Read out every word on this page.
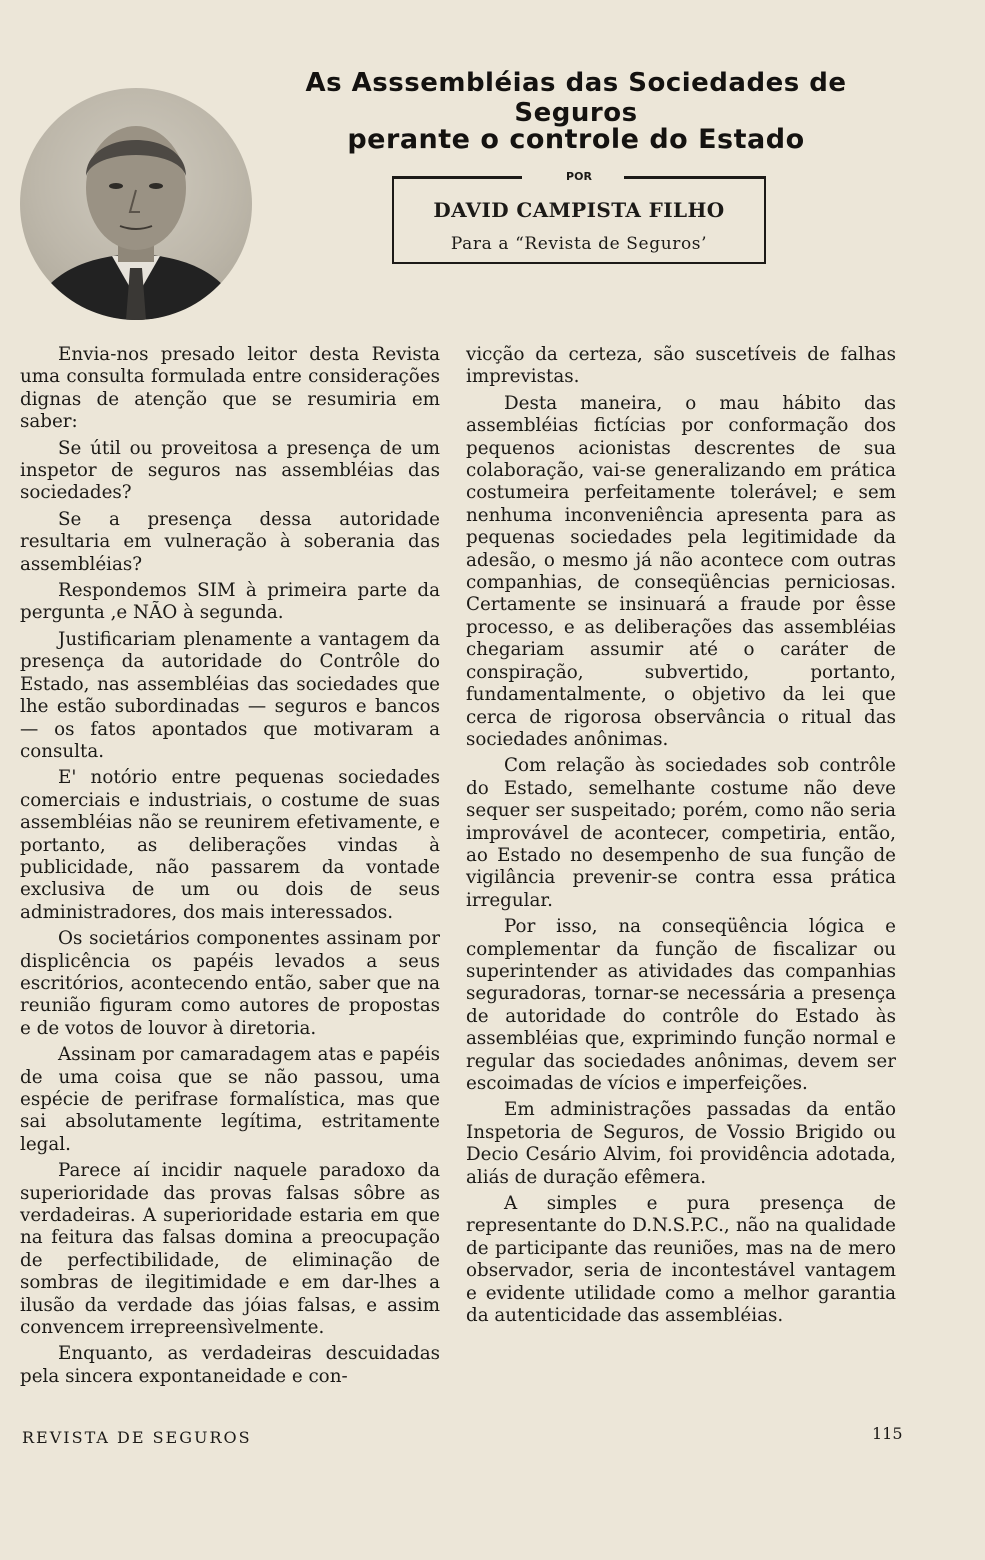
As Asssembléias das Sociedades de Seguros
perante o controle do Estado
POR
DAVID CAMPISTA FILHO
Para a “Revista de Seguros’

Envia-nos presado leitor desta Revista uma consulta formulada entre considerações dignas de atenção que se resumiria em saber:

Se útil ou proveitosa a presença de um inspetor de seguros nas assembléias das sociedades?

Se a presença dessa autoridade resultaria em vulneração à soberania das assembléias?

Respondemos SIM à primeira parte da pergunta ,e NÃO à segunda.

Justificariam plenamente a vantagem da presença da autoridade do Contrôle do Estado, nas assembléias das sociedades que lhe estão subordinadas — seguros e bancos — os fatos apontados que motivaram a consulta.

E' notório entre pequenas sociedades comerciais e industriais, o costume de suas assembléias não se reunirem efetivamente, e portanto, as deliberações vindas à publicidade, não passarem da vontade exclusiva de um ou dois de seus administradores, dos mais interessados.

Os societários componentes assinam por displicência os papéis levados a seus escritórios, acontecendo então, saber que na reunião figuram como autores de propostas e de votos de louvor à diretoria.

Assinam por camaradagem atas e papéis de uma coisa que se não passou, uma espécie de perifrase formalística, mas que sai absolutamente legítima, estritamente legal.

Parece aí incidir naquele paradoxo da superioridade das provas falsas sôbre as verdadeiras. A superioridade estaria em que na feitura das falsas domina a preocupação de perfectibilidade, de eliminação de sombras de ilegitimidade e em dar-lhes a ilusão da verdade das jóias falsas, e assim convencem irrepreensìvelmente.

Enquanto, as verdadeiras descuidadas pela sincera expontaneidade e con-

vicção da certeza, são suscetíveis de falhas imprevistas.

Desta maneira, o mau hábito das assembléias fictícias por conformação dos pequenos acionistas descrentes de sua colaboração, vai-se generalizando em prática costumeira perfeitamente tolerável; e sem nenhuma inconveniência apresenta para as pequenas sociedades pela legitimidade da adesão, o mesmo já não acontece com outras companhias, de conseqüências perniciosas. Certamente se insinuará a fraude por êsse processo, e as deliberações das assembléias chegariam assumir até o caráter de conspiração, subvertido, portanto, fundamentalmente, o objetivo da lei que cerca de rigorosa observância o ritual das sociedades anônimas.

Com relação às sociedades sob contrôle do Estado, semelhante costume não deve sequer ser suspeitado; porém, como não seria improvável de acontecer, competiria, então, ao Estado no desempenho de sua função de vigilância prevenir-se contra essa prática irregular.

Por isso, na conseqüência lógica e complementar da função de fiscalizar ou superintender as atividades das companhias seguradoras, tornar-se necessária a presença de autoridade do contrôle do Estado às assembléias que, exprimindo função normal e regular das sociedades anônimas, devem ser escoimadas de vícios e imperfeições.

Em administrações passadas da então Inspetoria de Seguros, de Vossio Brigido ou Decio Cesário Alvim, foi providência adotada, aliás de duração efêmera.

A simples e pura presença de representante do D.N.S.P.C., não na qualidade de participante das reuniões, mas na de mero observador, seria de incontestável vantagem e evidente utilidade como a melhor garantia da autenticidade das assembléias.

REVISTA DE SEGUROS	115
